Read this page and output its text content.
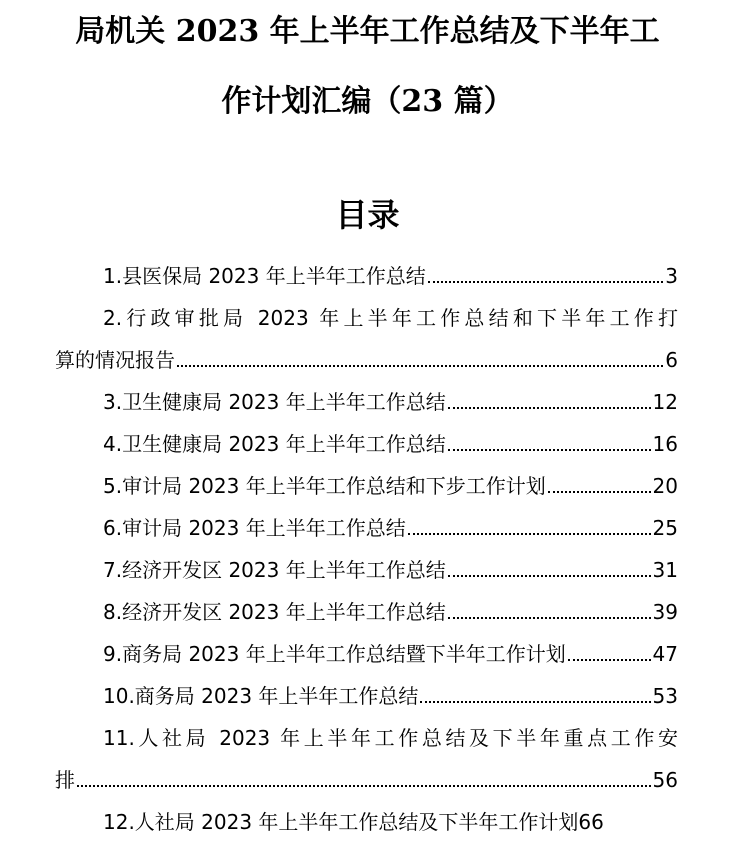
局机关 2023 年上半年工作总结及下半年工
作计划汇编（23 篇）
目录
1.县医保局 2023 年上半年工作总结	3
2.行政审批局 2023 年上半年工作总结和下半年工作打
算的情况报告	6
3.卫生健康局 2023 年上半年工作总结	12
4.卫生健康局 2023 年上半年工作总结	16
5.审计局 2023 年上半年工作总结和下步工作计划	20
6.审计局 2023 年上半年工作总结	25
7.经济开发区 2023 年上半年工作总结	31
8.经济开发区 2023 年上半年工作总结	39
9.商务局 2023 年上半年工作总结暨下半年工作计划	47
10.商务局 2023 年上半年工作总结	53
11.人社局 2023 年上半年工作总结及下半年重点工作安
排	56
12.人社局 2023 年上半年工作总结及下半年工作计划 66
